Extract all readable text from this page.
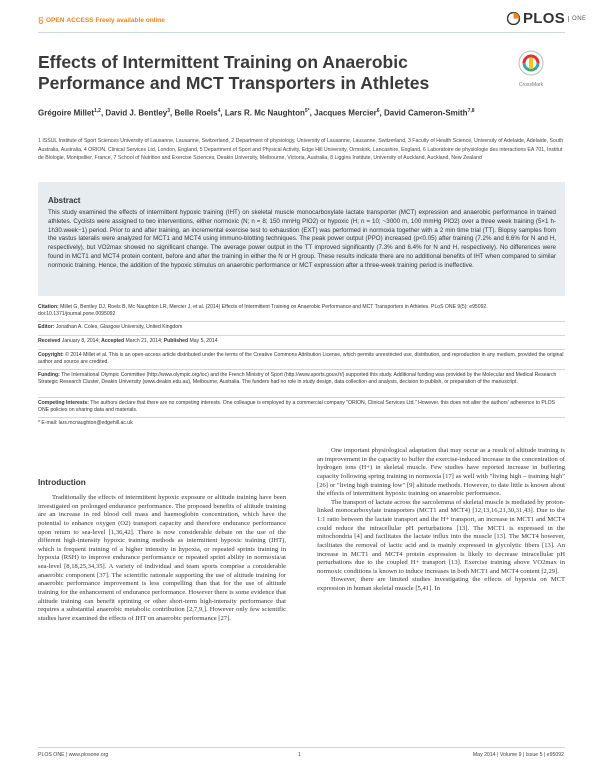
OPEN ACCESS Freely available online	PLOS	ONE
Effects of Intermittent Training on Anaerobic Performance and MCT Transporters in Athletes	CrossMark
Grégoire Millet$^{1,2}$, David J. Bentley$^3$, Belle Roels$^4$, Lars R. Mc Naughton$^{5*}$, Jacques Mercier$^6$, David Cameron-Smith$^{7,8}$
1 ISSUL Institute of Sport Sciences University of Lausanne, Lausanne, Switzerland, 2 Department of physiology, University of Lausanne, Lausanne, Switzerland, 3 Faculty of Health Science, University of Adelaide, Adelaide, South Australia, Australia, 4 ORION, Clinical Services Ltd, London, England, 5 Department of Sport and Physical Activity, Edge Hill University, Ormskirk, Lancashire, England, 6 Laboratoire de physiologie des interactions EA 701, Institut de Biologie, Montpellier, France, 7 School of Nutrition and Exercise Sciences, Deakin University, Melbourne, Victoria, Australia, 8 Liggins Institute, University of Auckland, Auckland, New Zealand
Abstract
This study examined the effects of intermittent hypoxic training (IHT) on skeletal muscle monocarboxylate lactate transporter (MCT) expression and anaerobic performance in trained athletes. Cyclists were assigned to two interventions, either normoxic (N; n = 8; 150 mmHg PIO2) or hypoxic (H; n = 10; ~3000 m, 100 mmHg PIO2) over a three week training (5×1 h-1h30.week−1) period. Prior to and after training, an incremental exercise test to exhaustion (EXT) was performed in normoxia together with a 2 min time trial (TT). Biopsy samples from the vastus lateralis were analyzed for MCT1 and MCT4 using immuno-blotting techniques. The peak power output (PPO) increased (p<0.05) after training (7.2% and 6.6% for N and H, respectively), but VO2max showed no significant change. The average power output in the TT improved significantly (7.3% and 6.4% for N and H, respectively). No differences were found in MCT1 and MCT4 protein content, before and after the training in either the N or H group. These results indicate there are no additional benefits of IHT when compared to similar normoxic training. Hence, the addition of the hypoxic stimulus on anaerobic performance or MCT expression after a three-week training period is ineffective.
Citation: Millet G, Bentley DJ, Roels B, Mc Naughton LR, Mercier J, et al. (2014) Effects of Intermittent Training on Anaerobic Performance and MCT Transporters in Athletes. PLoS ONE 9(5): e95092. doi:10.1371/journal.pone.0095092
Editor: Jonathan A. Coles, Glasgow University, United Kingdom
Received January 8, 2014; Accepted March 21, 2014; Published May 5, 2014
Copyright: © 2014 Millet et al. This is an open-access article distributed under the terms of the Creative Commons Attribution License, which permits unrestricted use, distribution, and reproduction in any medium, provided the original author and source are credited.
Funding: The International Olympic Committee (http://www.olympic.org/ioc) and the French Ministry of Sport (http://www.sports.gouv.fr/) supported this study. Additional funding was provided by the Molecular and Medical Research Strategic Research Cluster, Deakin University (www.deakin.edu.au), Melbourne, Australia. The funders had no role in study design, data collection and analysis, decision to publish, or preparation of the manuscript.
Competing Interests: The authors declare that there are no competing interests. One colleague is employed by a commercial company "ORION, Clinical Services Ltd." However, this does not alter the authors' adherence to PLOS ONE policies on sharing data and materials.
* E-mail: lars.mcnaughton@edgehill.ac.uk
Introduction

Traditionally the effects of intermittent hypoxic exposure or altitude training have been investigated on prolonged endurance performance. The proposed benefits of altitude training are an increase in red blood cell mass and haemoglobin concentration, which have the potential to enhance oxygen (O2) transport capacity and therefore endurance performance upon return to sea-level [1,36,42]. There is now considerable debate on the use of the different high-intensity hypoxic training methods as intermittent hypoxic training (IHT), which is frequent training of a higher intensity in hypoxia, or repeated sprints training in hypoxia (RSH) to improve endurance performance or repeated sprint ability in normoxia/at sea-level [8,18,25,34,35]. A variety of individual and team sports comprise a considerable anaerobic component [37]. The scientific rationale supporting the use of altitude training for anaerobic performance improvement is less compelling than that for the use of altitude training for the enhancement of endurance performance. However there is some evidence that altitude training can benefit sprinting or other short-term high-intensity performance that requires a substantial anaerobic metabolic contribution [2,7,9,]. However only few scientific studies have examined the effects of IHT on anaerobic performance [27].

One important physiological adaptation that may occur as a result of altitude training is an improvement in the capacity to buffer the exercise-induced increase in the concentration of hydrogen ions (H+) in skeletal muscle. Few studies have reported increase in buffering capacity following spring training in normoxia [17] as well with "living high – training high" [26] or "living high training low" [9] altitude methods. However, to date little is known about the effects of intermittent hypoxic training on anaerobic performance.

The transport of lactate across the sarcolemma of skeletal muscle is mediated by proton-linked monocarboxylate transporters (MCT1 and MCT4) [12,13,16,21,30,31,43]. Due to the 1:1 ratio between the lactate transport and the H+ transport, an increase in MCT1 and MCT4 could reduce the intracellular pH perturbations [13]. The MCT1 is expressed in the mitochondria [4] and facilitates the lactate influx into the muscle [13]. The MCT4 however, facilitates the removal of lactic acid and is mainly expressed in glycolytic fibers [13]. An increase in MCT1 and MCT4 protein expression is likely to decrease intracellular pH perturbations due to the coupled H+ transport [13]. Exercise training above VO2max in normoxic conditions is known to induce increases in both MCT1 and MCT4 content [2,29].

However, there are limited studies investigating the effects of hypoxia on MCT expression in human skeletal muscle [5,41]. In

PLOS ONE | www.plosone.org	1	May 2014 | Volume 9 | Issue 5 | e95092
